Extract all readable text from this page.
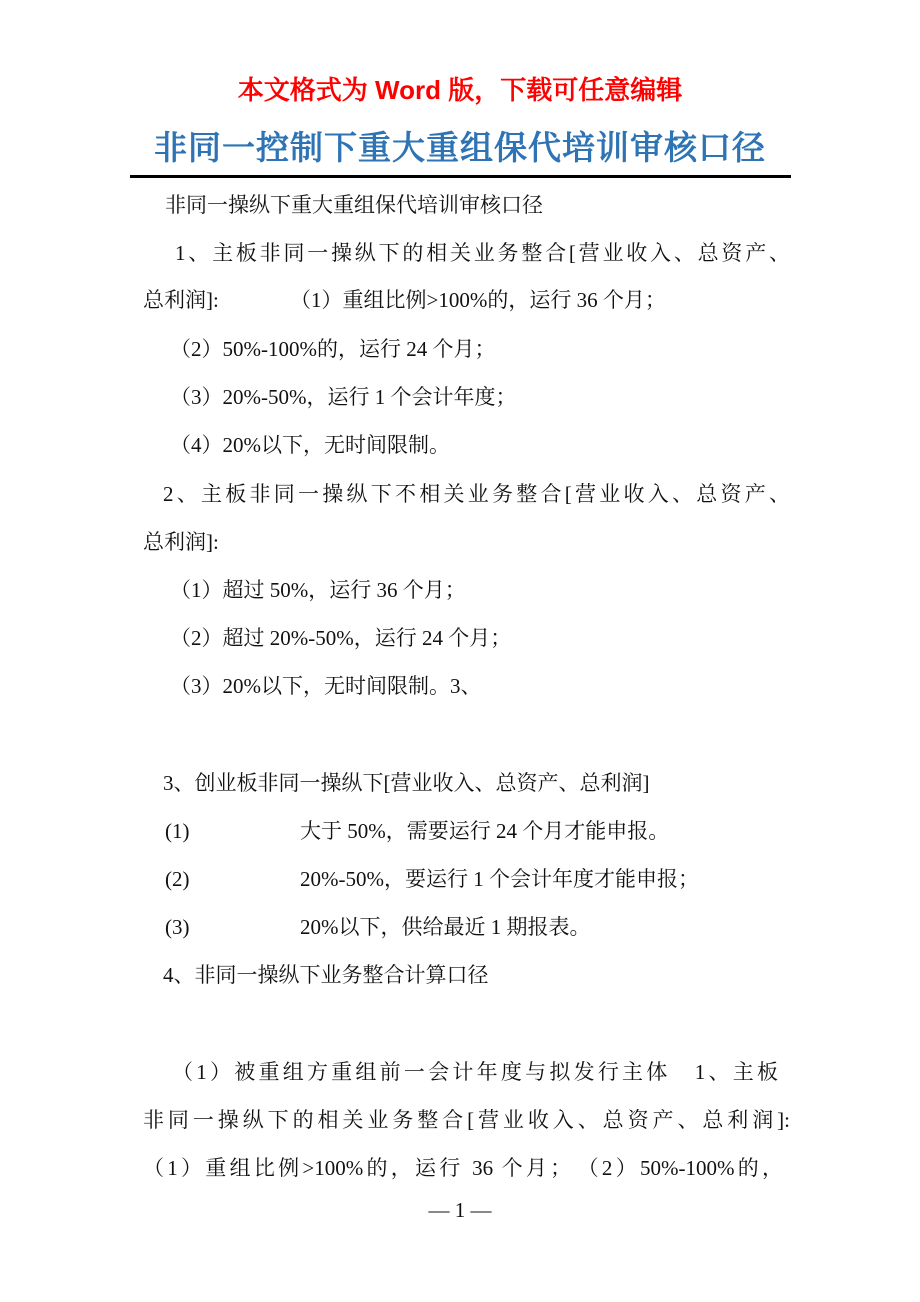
本文格式为 Word 版，下载可任意编辑
非同一控制下重大重组保代培训审核口径
非同一操纵下重大重组保代培训审核口径
1、主板非同一操纵下的相关业务整合[营业收入、总资产、
总利润]:	（1）重组比例>100%的，运行 36 个月；
（2）50%-100%的，运行 24 个月；
（3）20%-50%，运行 1 个会计年度；
（4）20%以下，无时间限制。
2、主板非同一操纵下不相关业务整合[营业收入、总资产、
总利润]:
（1）超过 50%，运行 36 个月；
（2）超过 20%-50%，运行 24 个月；
（3）20%以下，无时间限制。3、
3、创业板非同一操纵下[营业收入、总资产、总利润]
(1)	大于 50%，需要运行 24 个月才能申报。
(2)	20%-50%，要运行 1 个会计年度才能申报；
(3)	20%以下，供给最近 1 期报表。
4、非同一操纵下业务整合计算口径
（1）被重组方重组前一会计年度与拟发行主体　1、主板
非同一操纵下的相关业务整合[营业收入、总资产、总利润]:
（1）重组比例>100%的，运行 36 个月；　（2）50%-100%的，
— 1 —
